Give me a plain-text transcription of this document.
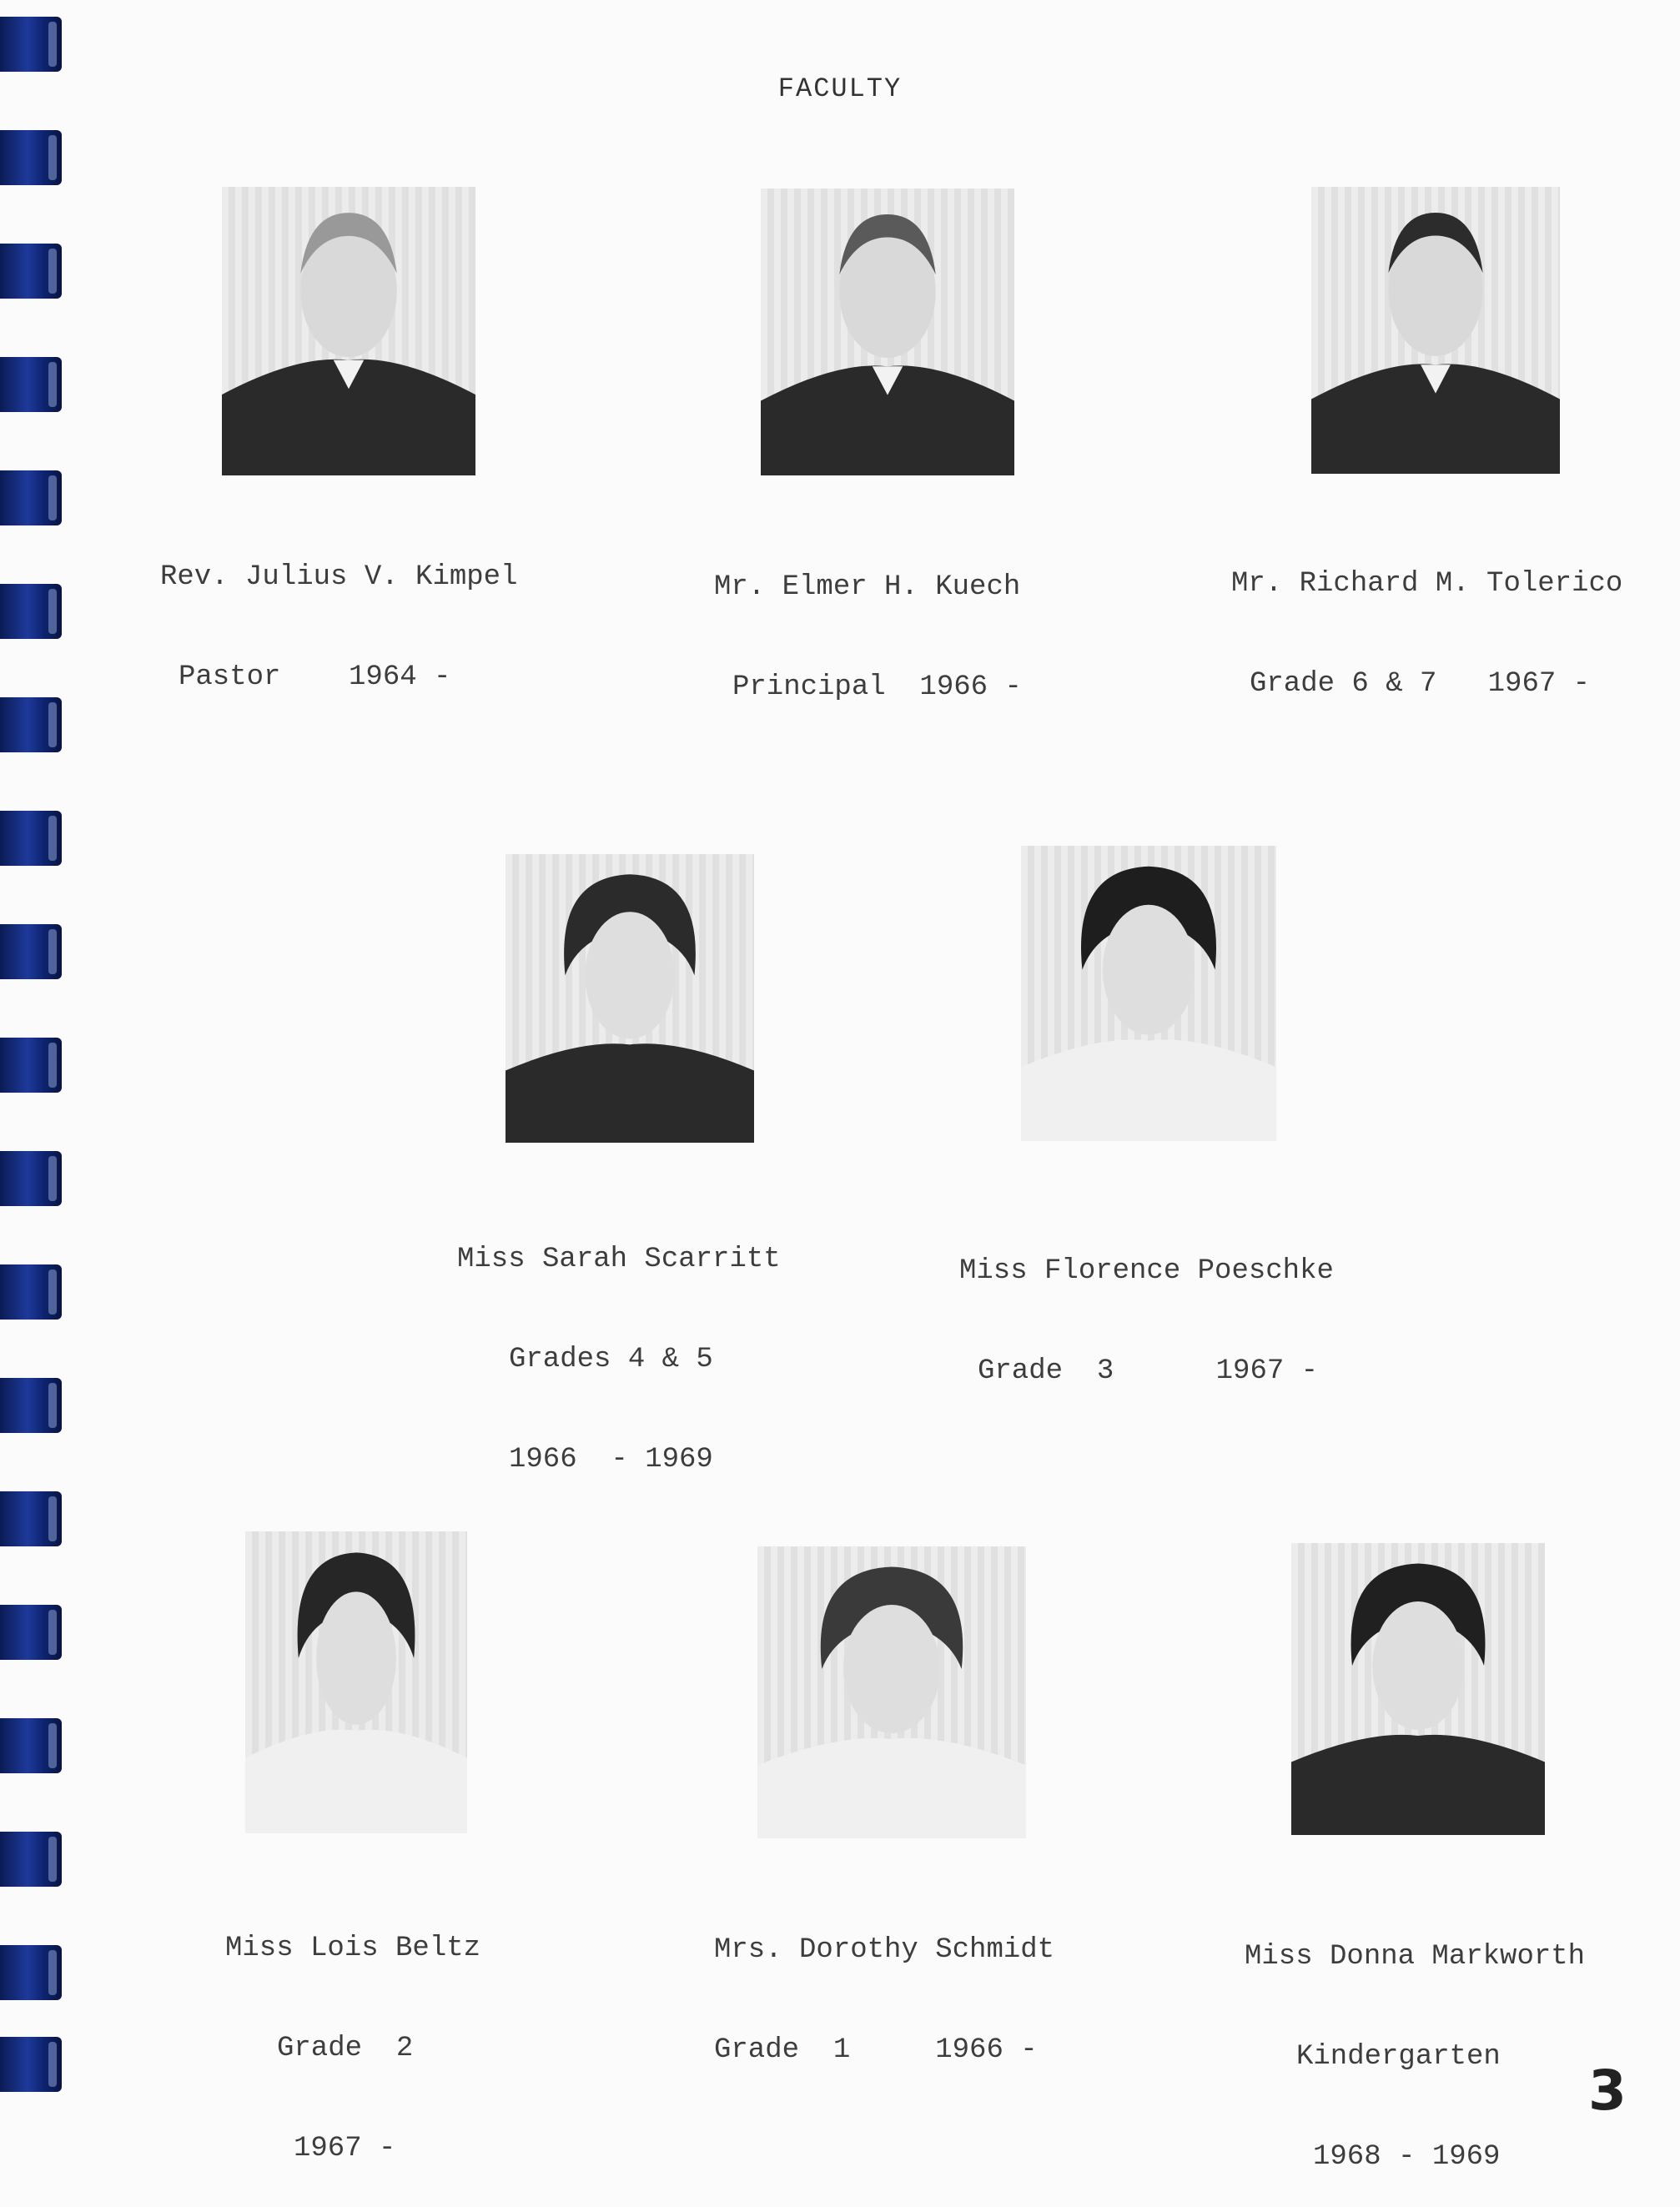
FACULTY

Rev. Julius V. Kimpel

Pastor    1964 -

Mr. Elmer H. Kuech

Principal  1966 -

Mr. Richard M. Tolerico

Grade 6 & 7   1967 -

Miss Sarah Scarritt

Grades 4 & 5

1966  - 1969

Miss Florence Poeschke

Grade  3      1967 -

Miss Lois Beltz

Grade  2

1967 -

Mrs. Dorothy Schmidt

Grade  1     1966 -

Miss Donna Markworth

Kindergarten

1968 - 1969

3
